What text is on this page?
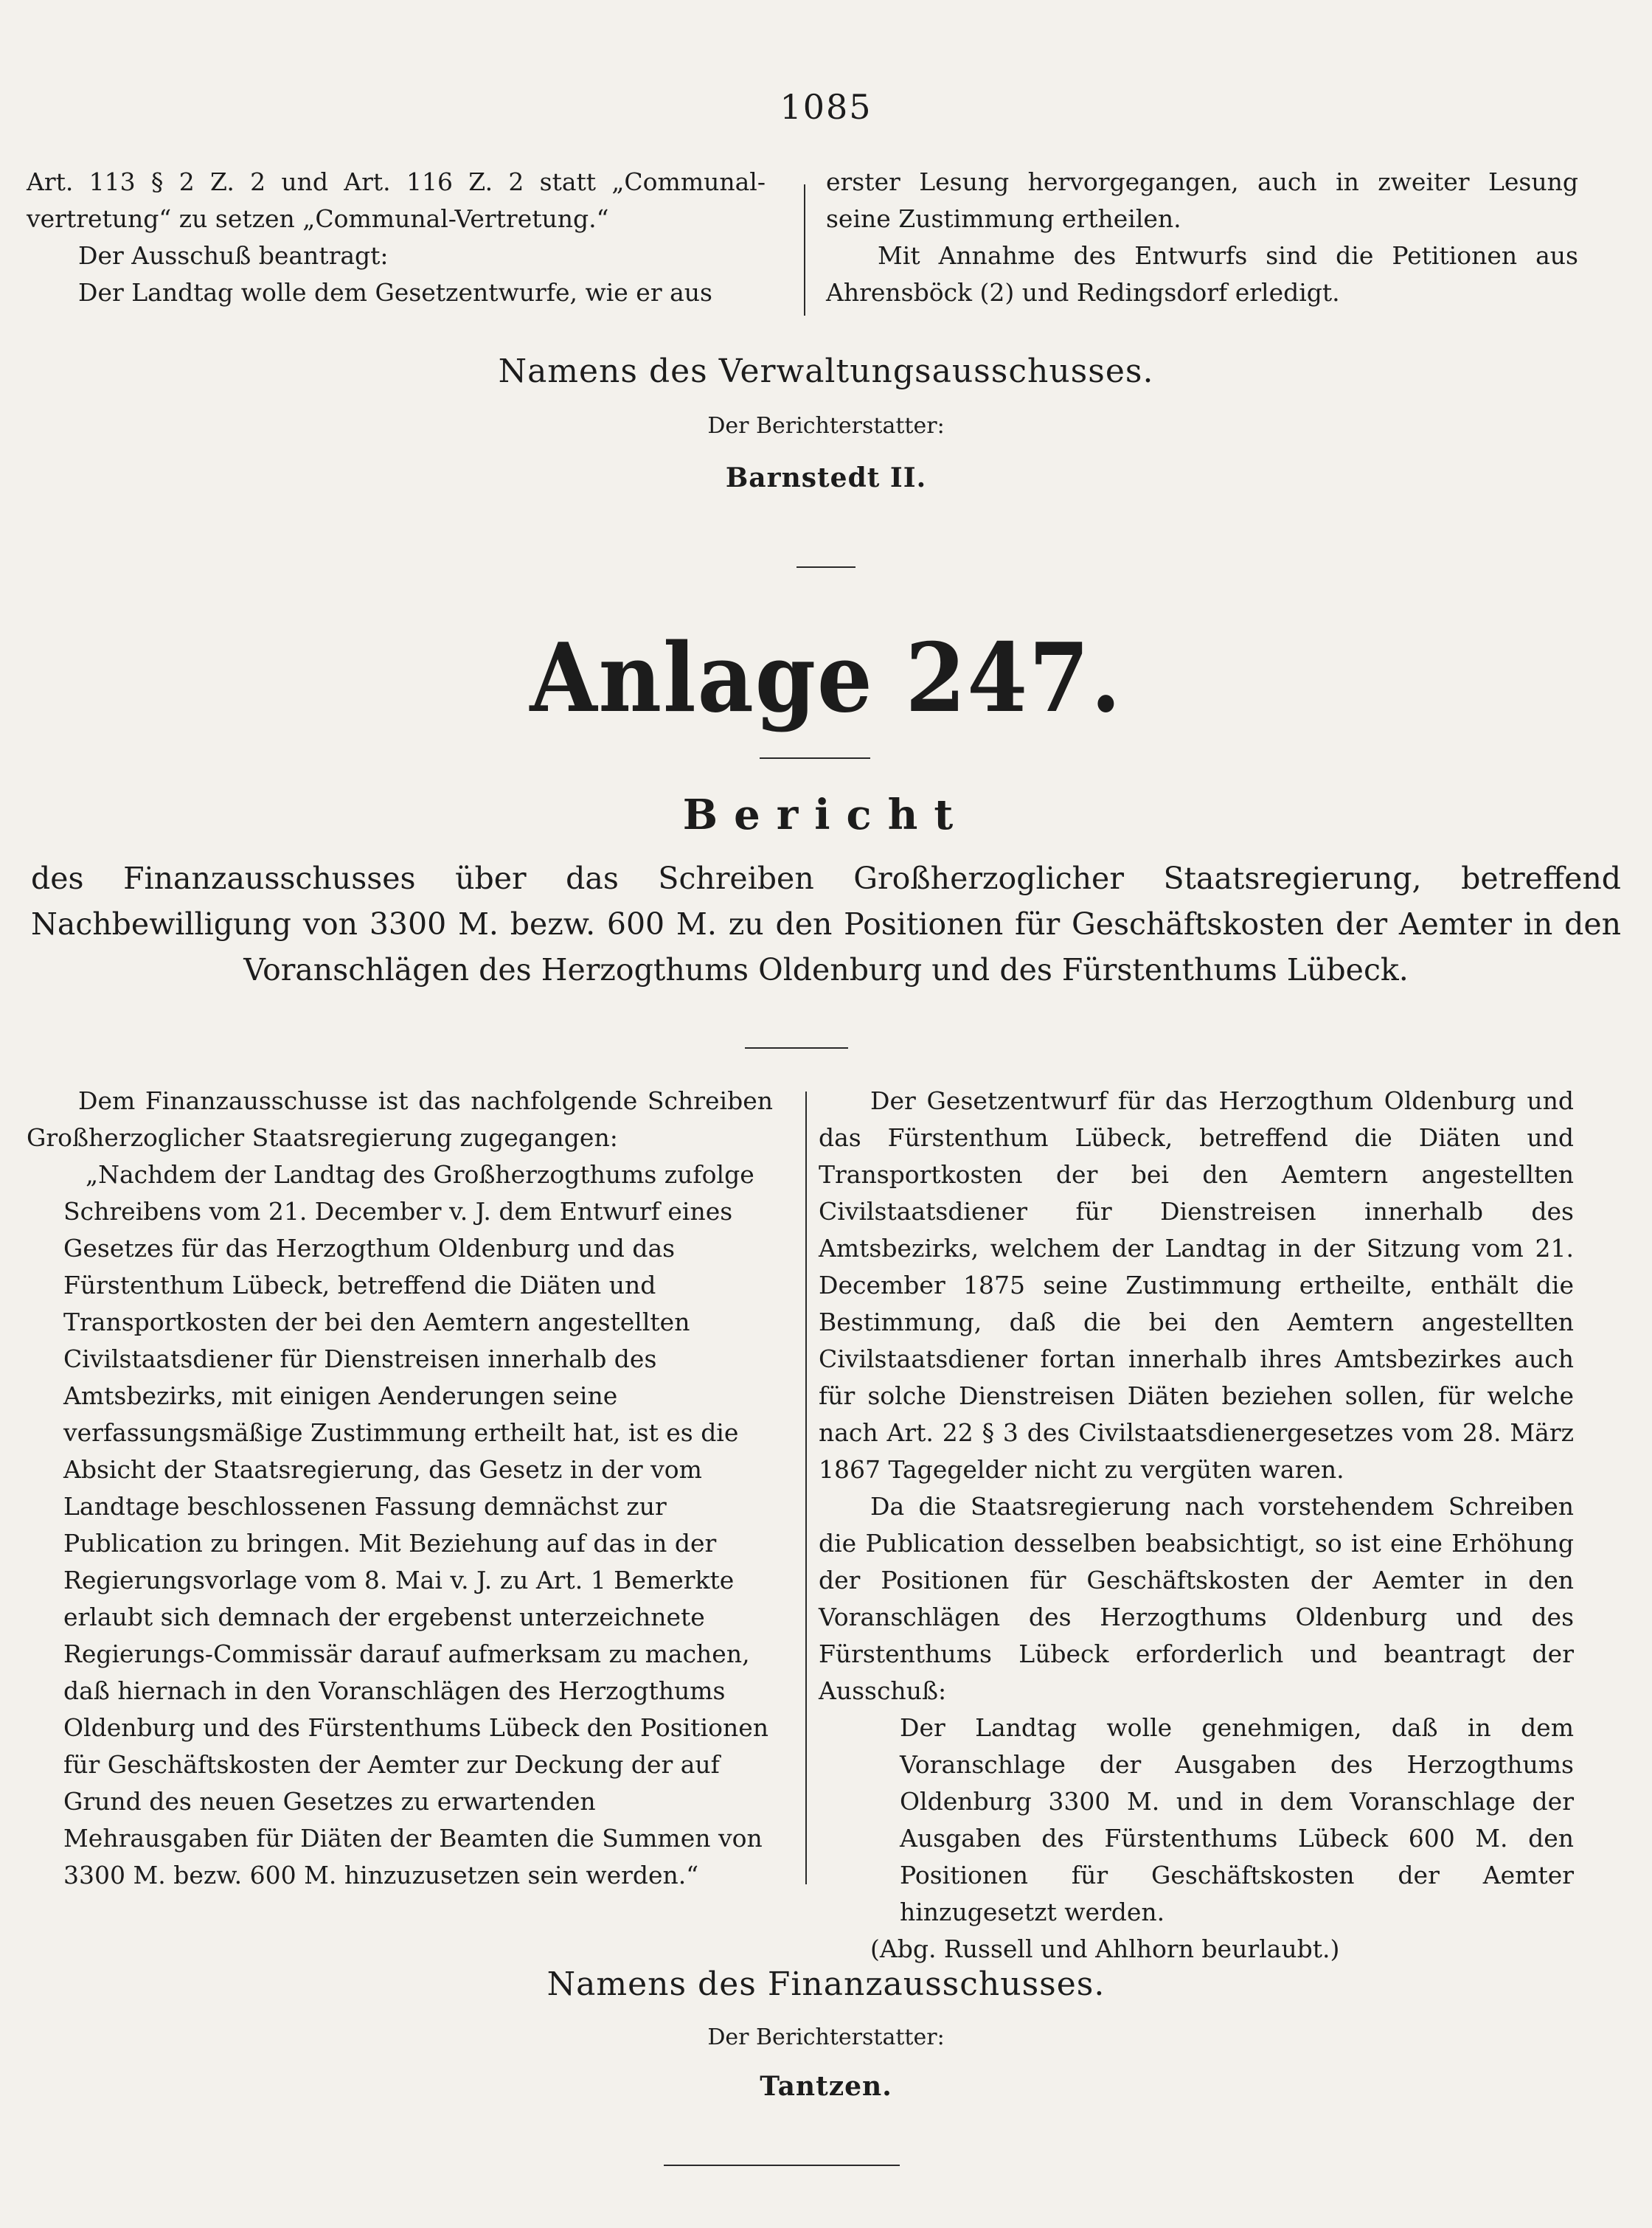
1085

Art. 113 § 2 Z. 2 und Art. 116 Z. 2 statt „Communal-vertretung“ zu setzen „Communal-Vertretung.“

Der Ausschuß beantragt:

Der Landtag wolle dem Gesetzentwurfe, wie er aus

erster Lesung hervorgegangen, auch in zweiter Lesung seine Zustimmung ertheilen.

Mit Annahme des Entwurfs sind die Petitionen aus Ahrensböck (2) und Redingsdorf erledigt.

Namens des Verwaltungsausschusses.
Der Berichterstatter:
Barnstedt II.
Anlage 247.
Bericht
des Finanzausschusses über das Schreiben Großherzoglicher Staatsregierung, betreffend Nachbewilligung von 3300 M. bezw. 600 M. zu den Positionen für Geschäftskosten der Aemter in den Voranschlägen des Herzogthums Oldenburg und des Fürstenthums Lübeck.

Dem Finanzausschusse ist das nachfolgende Schreiben Großherzoglicher Staatsregierung zugegangen:

„Nachdem der Landtag des Großherzogthums zufolge Schreibens vom 21. December v. J. dem Entwurf eines Gesetzes für das Herzogthum Oldenburg und das Fürstenthum Lübeck, betreffend die Diäten und Transportkosten der bei den Aemtern angestellten Civilstaatsdiener für Dienstreisen innerhalb des Amtsbezirks, mit einigen Aenderungen seine verfassungsmäßige Zustimmung ertheilt hat, ist es die Absicht der Staatsregierung, das Gesetz in der vom Landtage beschlossenen Fassung demnächst zur Publication zu bringen. Mit Beziehung auf das in der Regierungsvorlage vom 8. Mai v. J. zu Art. 1 Bemerkte erlaubt sich demnach der ergebenst unterzeichnete Regierungs-Commissär darauf aufmerksam zu machen, daß hiernach in den Voranschlägen des Herzogthums Oldenburg und des Fürstenthums Lübeck den Positionen für Geschäftskosten der Aemter zur Deckung der auf Grund des neuen Gesetzes zu erwartenden Mehrausgaben für Diäten der Beamten die Summen von 3300 M. bezw. 600 M. hinzuzusetzen sein werden.“

Der Gesetzentwurf für das Herzogthum Oldenburg und das Fürstenthum Lübeck, betreffend die Diäten und Transportkosten der bei den Aemtern angestellten Civilstaatsdiener für Dienstreisen innerhalb des Amtsbezirks, welchem der Landtag in der Sitzung vom 21. December 1875 seine Zustimmung ertheilte, enthält die Bestimmung, daß die bei den Aemtern angestellten Civilstaatsdiener fortan innerhalb ihres Amtsbezirkes auch für solche Dienstreisen Diäten beziehen sollen, für welche nach Art. 22 § 3 des Civilstaatsdienergesetzes vom 28. März 1867 Tagegelder nicht zu vergüten waren.

Da die Staatsregierung nach vorstehendem Schreiben die Publication desselben beabsichtigt, so ist eine Erhöhung der Positionen für Geschäftskosten der Aemter in den Voranschlägen des Herzogthums Oldenburg und des Fürstenthums Lübeck erforderlich und beantragt der Ausschuß:

Der Landtag wolle genehmigen, daß in dem Voranschlage der Ausgaben des Herzogthums Oldenburg 3300 M. und in dem Voranschlage der Ausgaben des Fürstenthums Lübeck 600 M. den Positionen für Geschäftskosten der Aemter hinzugesetzt werden.

(Abg. Russell und Ahlhorn beurlaubt.)

Namens des Finanzausschusses.
Der Berichterstatter:
Tantzen.
